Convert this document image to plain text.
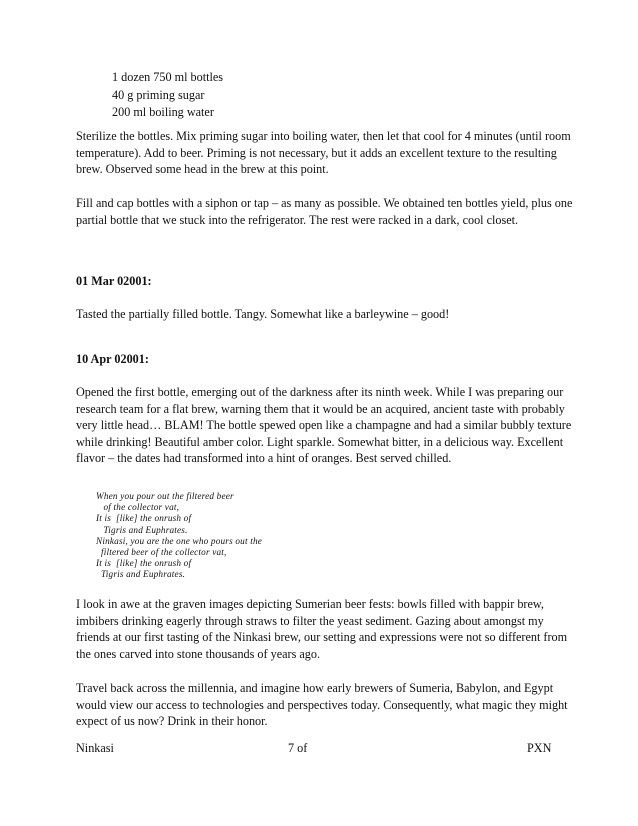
1 dozen 750 ml bottles
40 g priming sugar
200 ml boiling water
Sterilize the bottles. Mix priming sugar into boiling water, then let that cool for 4 minutes (until room temperature). Add to beer. Priming is not necessary, but it adds an excellent texture to the resulting brew. Observed some head in the brew at this point.
Fill and cap bottles with a siphon or tap – as many as possible. We obtained ten bottles yield, plus one partial bottle that we stuck into the refrigerator. The rest were racked in a dark, cool closet.
01 Mar 02001:
Tasted the partially filled bottle. Tangy. Somewhat like a barleywine – good!
10 Apr 02001:
Opened the first bottle, emerging out of the darkness after its ninth week. While I was preparing our research team for a flat brew, warning them that it would be an acquired, ancient taste with probably very little head… BLAM! The bottle spewed open like a champagne and had a similar bubbly texture while drinking! Beautiful amber color. Light sparkle. Somewhat bitter, in a delicious way. Excellent flavor – the dates had transformed into a hint of oranges. Best served chilled.
When you pour out the filtered beer
of the collector vat,
It is  [like] the onrush of
Tigris and Euphrates.
Ninkasi, you are the one who pours out the
filtered beer of the collector vat,
It is  [like] the onrush of
Tigris and Euphrates.
I look in awe at the graven images depicting Sumerian beer fests: bowls filled with bappir brew, imbibers drinking eagerly through straws to filter the yeast sediment. Gazing about amongst my friends at our first tasting of the Ninkasi brew, our setting and expressions were not so different from the ones carved into stone thousands of years ago.
Travel back across the millennia, and imagine how early brewers of Sumeria, Babylon, and Egypt would view our access to technologies and perspectives today. Consequently, what magic they might expect of us now? Drink in their honor.
Ninkasi	7 of	PXN
